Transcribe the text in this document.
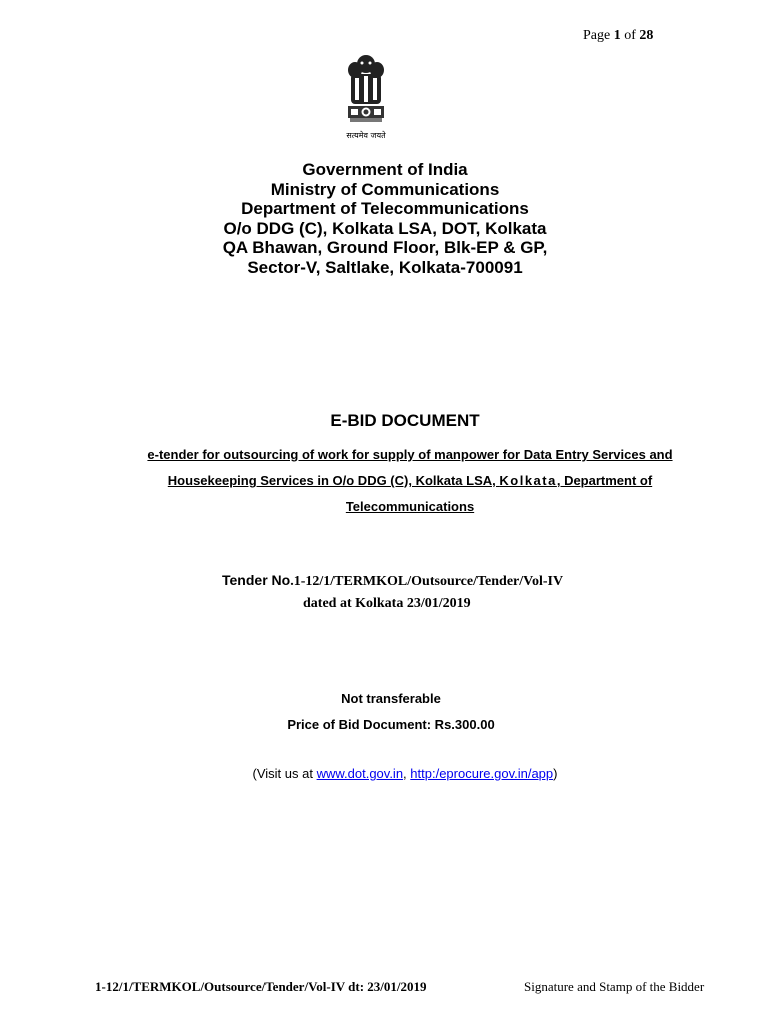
Page 1 of 28
सत्यमेव जयते
Government of India
Ministry of Communications
Department of Telecommunications
O/o DDG (C), Kolkata LSA, DOT, Kolkata
QA Bhawan, Ground Floor, Blk-EP & GP,
Sector-V, Saltlake, Kolkata-700091
E-BID DOCUMENT
e-tender for outsourcing of work for supply of manpower for Data Entry Services and
Housekeeping Services in O/o DDG (C), Kolkata LSA, Kolkata, Department of
Telecommunications
Tender No.1-12/1/TERMKOL/Outsource/Tender/Vol-IV
dated at Kolkata 23/01/2019
Not transferable
Price of Bid Document: Rs.300.00
(Visit us at www.dot.gov.in, http:/eprocure.gov.in/app)
1-12/1/TERMKOL/Outsource/Tender/Vol-IV dt: 23/01/2019	Signature and Stamp of the Bidder
